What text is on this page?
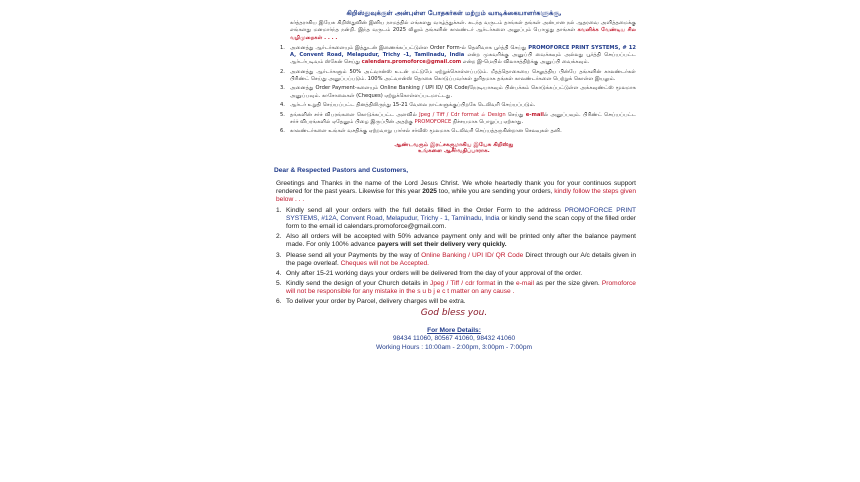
கிறிஸ்துவுக்குள் அன்புள்ள போதகர்கள் மற்றும் வாடிக்கையாளர்களுக்கு,
கர்த்தராகிய இயேசு கிறிஸ்துவின் இனிய நாமத்தில் எங்களது வாழ்த்துக்கள். கடந்த வருடம் தாங்கள் தங்கள் அன்பான நல் ஆதரவை அளித்தமைக்கு எங்களது மனமார்ந்த நன்றி. இந்த வருடம் 2025 லிலும் தங்களின் காலண்டர் ஆர்டர்களை அனுப்பும் பொழுது தாங்கள் கவனிக்க வேண்டிய சில வழிமுறைகள் . . . .
1. அனைத்து ஆர்டர்களையும் இத்துடன் இணைக்கப்பட்டுள்ள Order Form-ல் தெளிவாக பூர்த்தி செய்து PROMOFORCE PRINT SYSTEMS, # 12 A, Convent Road, Melapudur, Trichy -1, Tamilnadu, India என்ற முகவரிக்கு அனுப்பி வைக்கவும் அல்லது பூர்த்தி செய்யப்பட்ட ஆர்டர்படிவம் ஸ்கேன் செய்து calendars.promoforce@gmail.com என்ற இ-மெயில் விலாசத்திற்க்கு அனுப்பி வைக்கவும்.
2. அனைத்து ஆர்டர்களும் 50% அட்வான்ஸ் உடன் மட்டுமே ஏற்றுக்கொள்ளப்படும். மீதத்தொகையை செலுத்திய பின்பே தங்களின் காலண்டர்கள் பிரிண்ட் செய்து அனுப்பப்படும். 100% அட்வான்ஸ் தொகை கொடுப்பவர்கள் துரிதமாக தங்கள் காலண்டர்களை பெற்றுக் கொள்ள இயலும்.
3. அனைத்து Order Payment-களையும் Online Banking / UPI ID/ QR Code/நேரடியாகவும் பின்பக்கம் கொடுக்கப்பட்டுள்ள அக்கவுண்ட்ஸ் மூலமாக அனுப்பவும். காசோலைகள் (Cheques) ஏற்றுக்கொள்ளப்படமாட்டது.
4. ஆர்டர் உறுதி செய்யப்பட்ட தினத்திலிருந்து 15-21 வேலை நாட்களுக்குப்பிறகே டெலிவரி செய்யப்படும்.
5. தங்களின் சர்ச் விபரங்களை கொடுக்கப்பட்ட அளவில் Jpeg / Tiff / Cdr format ல் Design செய்து e-mailல் அனுப்பவும். பிரிண்ட் செய்யப்பட்ட சர்ச் விபரங்களில் ஏதேனும் பிழை இருப்பின் அதற்கு PROMOFORCE நிச்சயமாக பொறுப்பு ஏற்காது.
6. காலண்டர்களை உங்கள் வசதிக்கு ஏற்றவாறு பார்சல் சர்வீஸ் மூலமாக டெலிவரி செய்யத்தருகின்றான செலவுகள் தனி.
ஆண்டவரும் இரட்சகருமாகிய இயேசு கிறிஸ்து
உங்களை ஆசீர்வதிப்பாராக.
Dear & Respected Pastors and Customers,
Greetings and Thanks in the name of the Lord Jesus Christ. We whole heartedly thank you for your continuos support rendered for the past years. Likewise for this year 2025 too, while you are sending your orders, kindly follow the steps given below . . .
1. Kindly send all your orders with the full details filled in the Order Form to the address PROMOFORCE PRINT SYSTEMS, #12A, Convent Road, Melapudur, Trichy - 1, Tamilnadu, India or kindly send the scan copy of the filled order form to the email id calendars.promoforce@gmail.com.
2. Also all orders will be accepted with 50% advance payment only and will be printed only after the balance payment made. For only 100% advance payers will set their delivery very quickly.
3. Please send all your Payments by the way of Online Banking / UPI ID/ QR Code Direct through our A/c details given in the page overleaf. Cheques will not be Accepted.
4. Only after 15-21 working days your orders will be delivered from the day of your approval of the order.
5. Kindly send the design of your Church details in Jpeg / Tiff / cdr format in the e-mail as per the size given. Promoforce will not be responsible for any mistake in the s u b j e c t matter on any cause .
6. To deliver your order by Parcel, delivery charges will be extra.
God bless you.
For More Details:
98434 11060, 80567 41060, 98432 41060
Working Hours : 10:00am - 2:00pm, 3:00pm - 7:00pm
